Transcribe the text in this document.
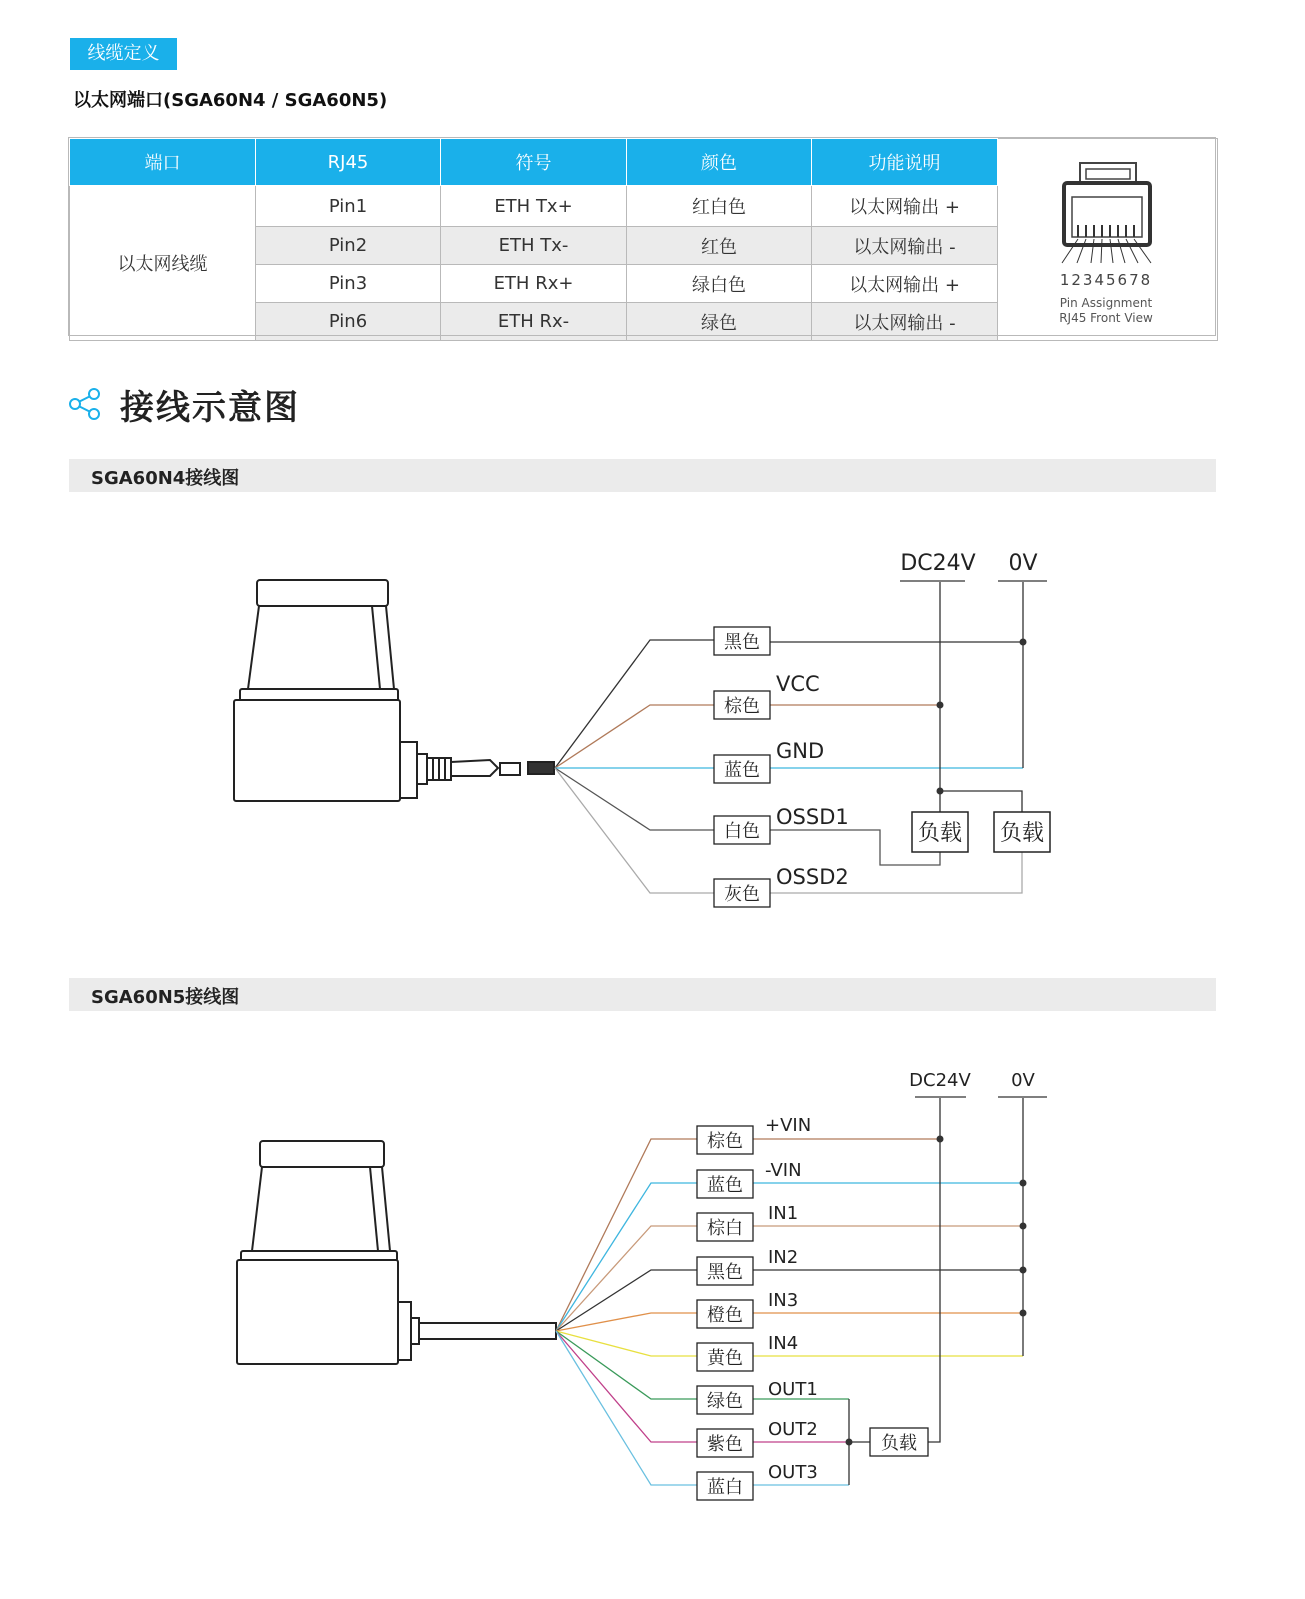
线缆定义
以太网端口(SGA60N4 / SGA60N5)
端口	RJ45	符号	颜色	功能说明	12345678
Pin Assignment
RJ45 Front View

以太网线缆	Pin1	ETH Tx+	红白色	以太网输出 +	
	Pin2	ETH Tx-	红色	以太网输出 -	
	Pin3	ETH Rx+	绿白色	以太网输出 +	
	Pin6	ETH Rx-	绿色	以太网输出 -	
接线示意图
SGA60N4接线图
SGA60N5接线图
DC24V 0V
黑色
棕色
蓝色
白色
灰色
VCC
GND
OSSD1
OSSD2
负载 负载
DC24V 0V
棕色
蓝色
棕白
黑色
橙色
黄色
绿色
紫色
蓝白
+VIN
-VIN
IN1
IN2
IN3
IN4
OUT1
OUT2
OUT3
负载
